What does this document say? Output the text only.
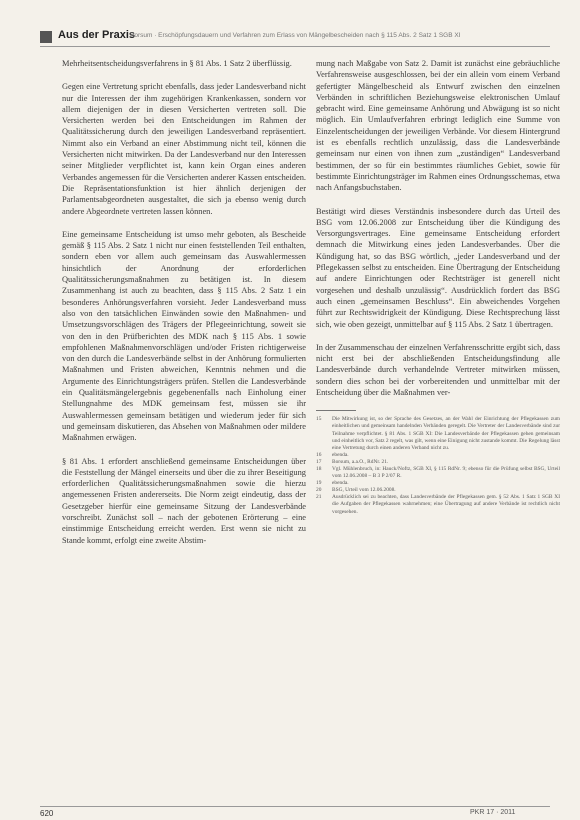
Aus der Praxis
Borsum · Erschöpfungsdauern und Verfahren zum Erlass von Mängelbescheiden nach § 115 Abs. 2 Satz 1 SGB XI

Mehrheitsentscheidungsverfahrens in § 81 Abs. 1 Satz 2 überflüssig.

Gegen eine Vertretung spricht ebenfalls, dass jeder Landesverband nicht nur die Interessen der ihm zugehörigen Krankenkassen, sondern vor allem diejenigen der in diesen Versicherten vertreten soll. Die Versicherten werden bei den Entscheidungen im Rahmen der Qualitätssicherung durch den jeweiligen Landesverband repräsentiert. Nimmt also ein Verband an einer Abstimmung nicht teil, können die Versicherten nicht mitwirken. Da der Landesverband nur den Interessen seiner Mitglieder verpflichtet ist, kann kein Organ eines anderen Verbandes angemessen für die Versicherten anderer Kassen entscheiden. Die Repräsentationsfunktion ist hier ähnlich derjenigen der Parlamentsabgeordneten ausgestaltet, die sich ja ebenso wenig durch andere Abgeordnete vertreten lassen können.

Eine gemeinsame Entscheidung ist umso mehr geboten, als Bescheide gemäß § 115 Abs. 2 Satz 1 nicht nur einen feststellenden Teil enthalten, sondern eben vor allem auch gemeinsam das Auswahlermessen hinsichtlich der Anordnung der erforderlichen Qualitätssicherungsmaßnahmen zu betätigen ist. In diesem Zusammenhang ist auch zu beachten, dass § 115 Abs. 2 Satz 1 ein besonderes Anhörungsverfahren vorsieht. Jeder Landesverband muss also von den tatsächlichen Einwänden sowie den Maßnahmen- und Umsetzungsvorschlägen des Trägers der Pflegeeinrichtung, soweit sie von den in den Prüfberichten des MDK nach § 115 Abs. 1 sowie empfohlenen Maßnahmenvorschlägen und/oder Fristen richtigerweise von den durch die Landesverbände selbst in der Anhörung formulierten Maßnahmen und Fristen abweichen, Kenntnis nehmen und die Argumente des Einrichtungsträgers prüfen. Stellen die Landesverbände ein Qualitätsmängelergebnis gegebenenfalls nach Einholung einer Stellungnahme des MDK gemeinsam fest, müssen sie ihr Auswahlermessen gemeinsam betätigen und wiederum jeder für sich und gemeinsam diskutieren, das Absehen von Maßnahmen oder mildere Maßnahmen erwägen.

§ 81 Abs. 1 erfordert anschließend gemeinsame Entscheidungen über die Feststellung der Mängel einerseits und über die zu ihrer Beseitigung erforderlichen Qualitätssicherungsmaßnahmen sowie die hierzu angemessenen Fristen andererseits. Die Norm zeigt eindeutig, dass der Gesetzgeber hierfür eine gemeinsame Sitzung der Landesverbände vorschreibt. Zunächst soll – nach der gebotenen Erörterung – eine einstimmige Entscheidung erreicht werden. Erst wenn sie nicht zu Stande kommt, erfolgt eine zweite Abstim-

mung nach Maßgabe von Satz 2. Damit ist zunächst eine gebräuchliche Verfahrensweise ausgeschlossen, bei der ein allein vom einem Verband gefertigter Mängelbescheid als Entwurf zwischen den einzelnen Verbänden in schriftlichen Beziehungsweise elektronischen Umlauf gebracht wird. Eine gemeinsame Anhörung und Abwägung ist so nicht möglich. Ein Umlaufverfahren erbringt lediglich eine Summe von Einzelentscheidungen der jeweiligen Verbände. Vor diesem Hintergrund ist es ebenfalls rechtlich unzulässig, dass die Landesverbände gemeinsam nur einen von ihnen zum „zuständigen“ Landesverband bestimmen, der so für ein bestimmtes räumliches Gebiet, sowie für bestimmte Einrichtungsträger im Rahmen eines Ordnungsschemas, etwa nach Anfangsbuchstaben.

Bestätigt wird dieses Verständnis insbesondere durch das Urteil des BSG vom 12.06.2008 zur Entscheidung über die Kündigung des Versorgungsvertrages. Eine gemeinsame Entscheidung erfordert demnach die Mitwirkung eines jeden Landesverbandes. Über die Kündigung hat, so das BSG wörtlich, „jeder Landesverband und der Pflegekassen selbst zu entscheiden. Eine Übertragung der Entscheidung auf andere Einrichtungen oder Rechtsträger ist generell nicht vorgesehen und deshalb unzulässig“. Ausdrücklich fordert das BSG auch einen „gemeinsamen Beschluss“. Ein abweichendes Vorgehen führt zur Rechtswidrigkeit der Kündigung. Diese Rechtsprechung lässt sich, wie oben gezeigt, unmittelbar auf § 115 Abs. 2 Satz 1 übertragen.

In der Zusammenschau der einzelnen Verfahrensschritte ergibt sich, dass nicht erst bei der abschließenden Entscheidungsfindung alle Landesverbände durch verhandelnde Vertreter mitwirken müssen, sondern dies schon bei der vorbereitenden und unmittelbar mit der Entscheidung über die Maßnahmen ver-

15	Die Mitwirkung ist, so der Sprache des Gesetzes, an der Wahl der Einrichtung der Pflegekassen zum einheitlichen und gemeinsam handelnden Verbänden geregelt. Die Vertreter der Landesverbände sind zur Teilnahme verpflichtet. § 81 Abs. 1 SGB XI: Die Landesverbände der Pflegekassen gehen gemeinsam und einheitlich vor, Satz 2 regelt, was gilt, wenn eine Einigung nicht zustande kommt. Die Regelung lässt eine Vertretung durch einen anderen Verband nicht zu.
16	ebenda.
17	Borsum, a.a.O., RdNr. 21.
18	Vgl. Mühlenbruch, in: Hauck/Noftz, SGB XI, § 115 RdNr. 9; ebenso für die Prüfung selbst BSG, Urteil vom 12.06.2008 – B 3 P 2/07 R.
19	ebenda.
20	BSG, Urteil vom 12.06.2008.
21	Ausdrücklich sei zu beachten, dass Landesverbände der Pflegekassen gem. § 52 Abs. 1 Satz 1 SGB XI die Aufgaben der Pflegekassen wahrnehmen; eine Übertragung auf andere Verbände ist rechtlich nicht vorgesehen.
620	PKR 17 · 2011
